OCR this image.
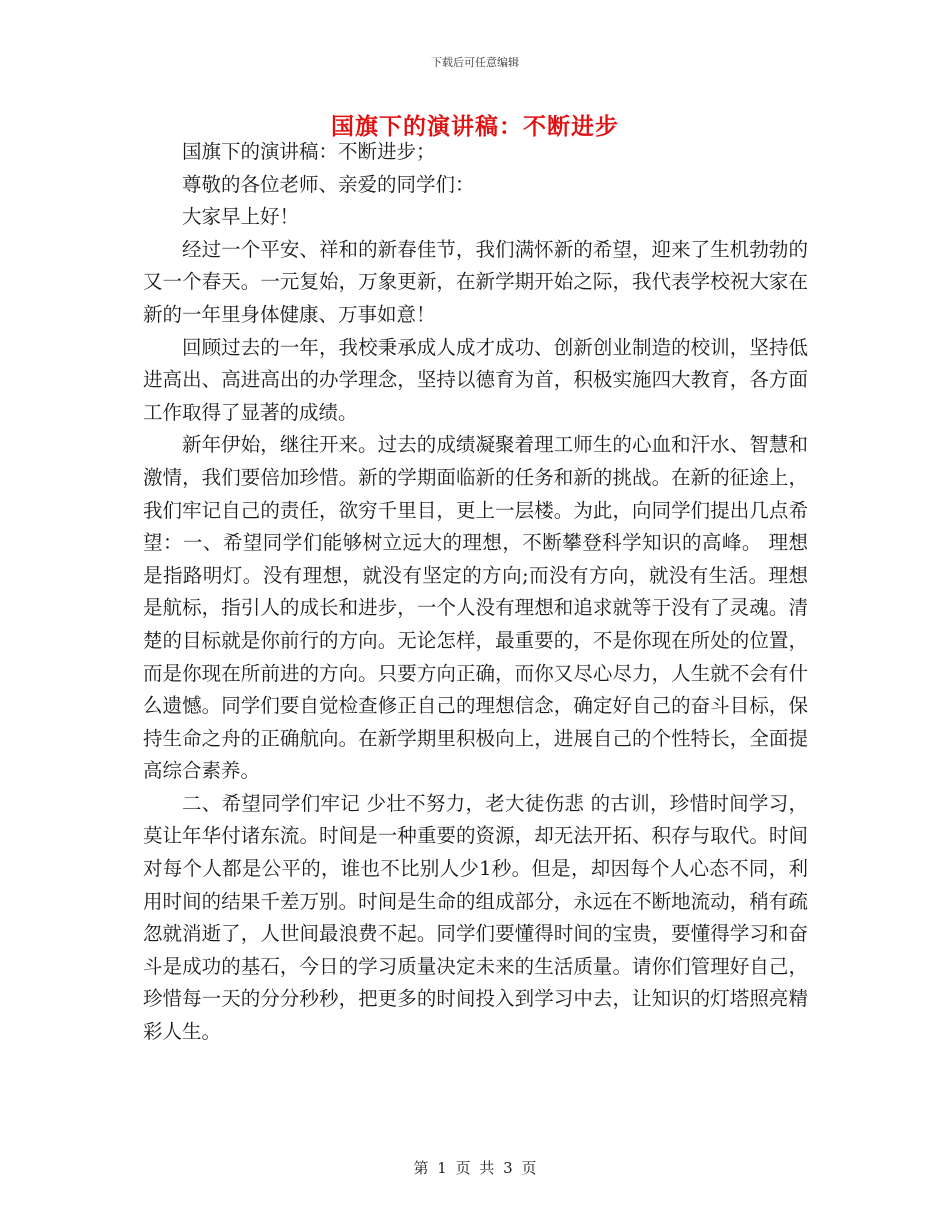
下载后可任意编辑
国旗下的演讲稿：不断进步

国旗下的演讲稿：不断进步；

尊敬的各位老师、亲爱的同学们：

大家早上好！

经过一个平安、祥和的新春佳节，我们满怀新的希望，迎来了生机勃勃的又一个春天。一元复始，万象更新，在新学期开始之际，我代表学校祝大家在新的一年里身体健康、万事如意！

回顾过去的一年，我校秉承成人成才成功、创新创业制造的校训，坚持低进高出、高进高出的办学理念，坚持以德育为首，积极实施四大教育，各方面工作取得了显著的成绩。

新年伊始，继往开来。过去的成绩凝聚着理工师生的心血和汗水、智慧和激情，我们要倍加珍惜。新的学期面临新的任务和新的挑战。在新的征途上，我们牢记自己的责任，欲穷千里目，更上一层楼。为此，向同学们提出几点希望：一、希望同学们能够树立远大的理想，不断攀登科学知识的高峰。 理想是指路明灯。没有理想，就没有坚定的方向;而没有方向，就没有生活。理想是航标，指引人的成长和进步，一个人没有理想和追求就等于没有了灵魂。清楚的目标就是你前行的方向。无论怎样，最重要的，不是你现在所处的位置，而是你现在所前进的方向。只要方向正确，而你又尽心尽力，人生就不会有什么遗憾。同学们要自觉检查修正自己的理想信念，确定好自己的奋斗目标，保持生命之舟的正确航向。在新学期里积极向上，进展自己的个性特长，全面提高综合素养。

二、希望同学们牢记 少壮不努力，老大徒伤悲 的古训，珍惜时间学习，莫让年华付诸东流。时间是一种重要的资源，却无法开拓、积存与取代。时间对每个人都是公平的，谁也不比别人少1秒。但是，却因每个人心态不同，利用时间的结果千差万别。时间是生命的组成部分，永远在不断地流动，稍有疏忽就消逝了，人世间最浪费不起。同学们要懂得时间的宝贵，要懂得学习和奋斗是成功的基石，今日的学习质量决定未来的生活质量。请你们管理好自己，珍惜每一天的分分秒秒，把更多的时间投入到学习中去，让知识的灯塔照亮精彩人生。

第 1 页 共 3 页
